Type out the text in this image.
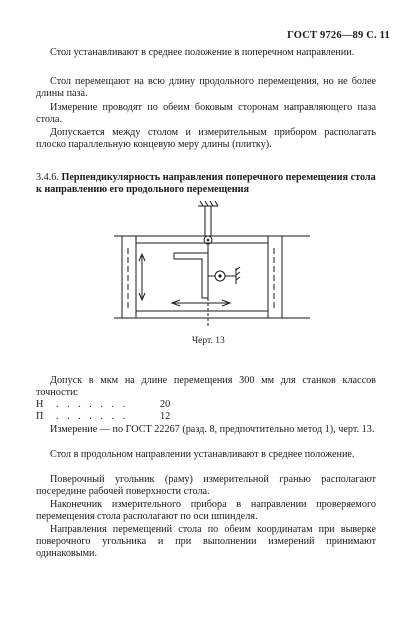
ГОСТ 9726—89 С. 11
Стол устанавливают в среднее положение в поперечном направлении.
Стол перемещают на всю длину продольного перемещения, но не более длины паза.
Измерение проводят по обеим боковым сторонам направляющего паза стола.
Допускается между столом и измерительным прибором располагать плоско параллельную концевую меру длины (плитку).
3.4.6. Перпендикулярность направления поперечного перемещения стола к направлению его продольного перемещения
Черт. 13
Допуск в мкм на длине перемещения 300 мм для станков классов точности:
Н . . . . . . .	20
П . . . . . . .	12
Измерение — по ГОСТ 22267 (разд. 8, предпочтительно метод 1), черт. 13.
Стол в продольном направлении устанавливают в среднее положение.
Поверочный угольник (раму) измерительной гранью располагают посередине рабочей поверхности стола.
Наконечник измерительного прибора в направлении проверяемого перемещения стола располагают по оси шпинделя.
Направления перемещений стола по обеим координатам при выверке поверочного угольника и при выполнении измерений принимают одинаковыми.
